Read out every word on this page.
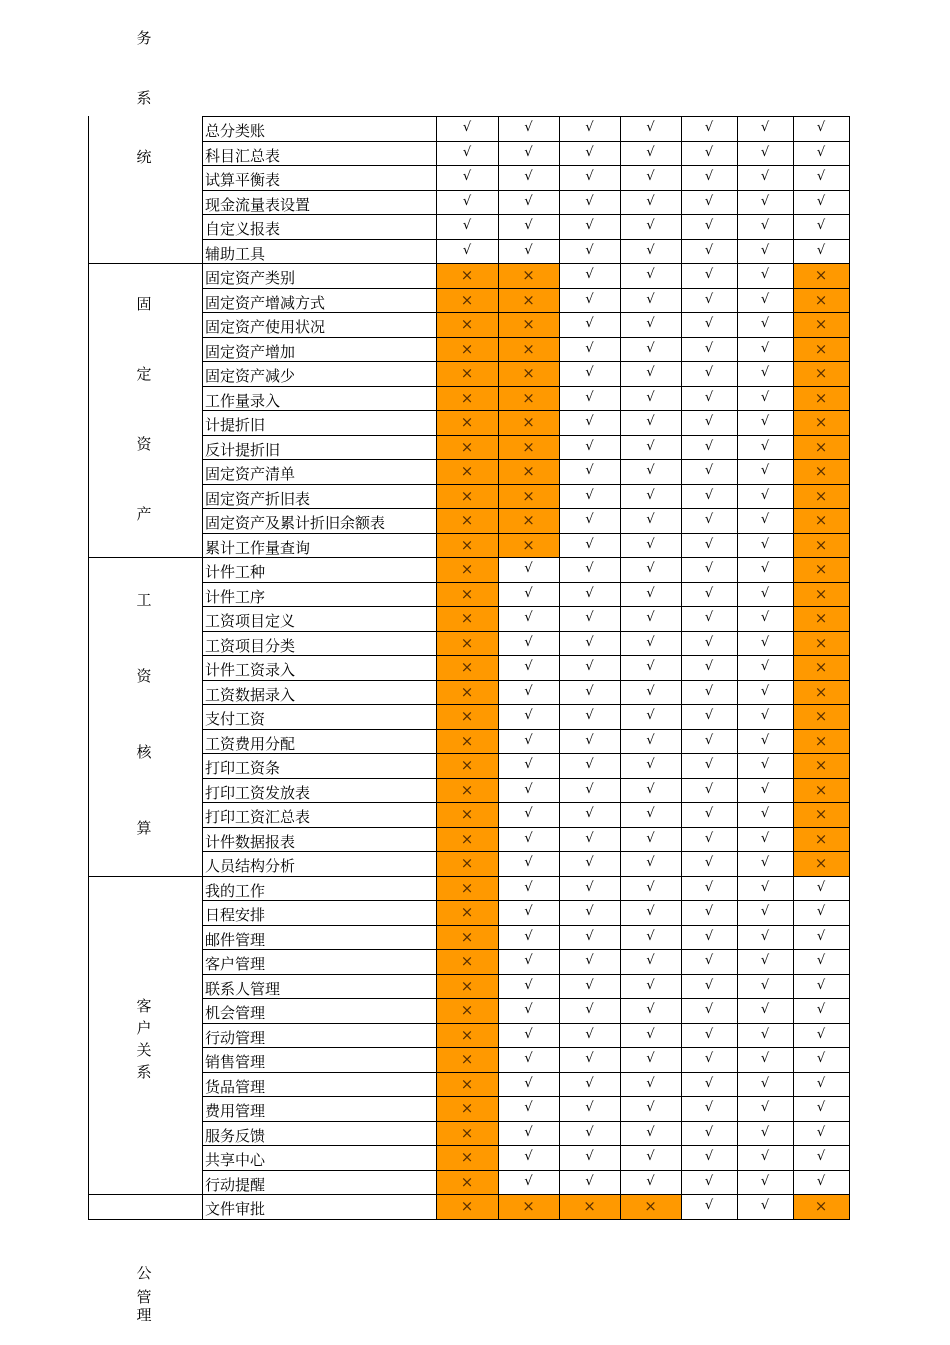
务
系
总分类账	√	√	√	√	√	√	√
科目汇总表	√	√	√	√	√	√	√
试算平衡表	√	√	√	√	√	√	√
现金流量表设置	√	√	√	√	√	√	√
自定义报表	√	√	√	√	√	√	√
辅助工具	√	√	√	√	√	√	√
统
固定资产类别	×	×	√	√	√	√	×
固定资产增减方式	×	×	√	√	√	√	×
固定资产使用状况	×	×	√	√	√	√	×
固定资产增加	×	×	√	√	√	√	×
固定资产减少	×	×	√	√	√	√	×
工作量录入	×	×	√	√	√	√	×
计提折旧	×	×	√	√	√	√	×
反计提折旧	×	×	√	√	√	√	×
固定资产清单	×	×	√	√	√	√	×
固定资产折旧表	×	×	√	√	√	√	×
固定资产及累计折旧余额表	×	×	√	√	√	√	×
累计工作量查询	×	×	√	√	√	√	×
固
定
资
产
计件工种	×	√	√	√	√	√	×
计件工序	×	√	√	√	√	√	×
工资项目定义	×	√	√	√	√	√	×
工资项目分类	×	√	√	√	√	√	×
计件工资录入	×	√	√	√	√	√	×
工资数据录入	×	√	√	√	√	√	×
支付工资	×	√	√	√	√	√	×
工资费用分配	×	√	√	√	√	√	×
打印工资条	×	√	√	√	√	√	×
打印工资发放表	×	√	√	√	√	√	×
打印工资汇总表	×	√	√	√	√	√	×
计件数据报表	×	√	√	√	√	√	×
人员结构分析	×	√	√	√	√	√	×
工
资
核
算
我的工作	×	√	√	√	√	√	√
日程安排	×	√	√	√	√	√	√
邮件管理	×	√	√	√	√	√	√
客户管理	×	√	√	√	√	√	√
联系人管理	×	√	√	√	√	√	√
机会管理	×	√	√	√	√	√	√
行动管理	×	√	√	√	√	√	√
销售管理	×	√	√	√	√	√	√
货品管理	×	√	√	√	√	√	√
费用管理	×	√	√	√	√	√	√
服务反馈	×	√	√	√	√	√	√
共享中心	×	√	√	√	√	√	√
行动提醒	×	√	√	√	√	√	√
客
户
关
系
文件审批	×	×	×	×	√	√	×
公
管
理
